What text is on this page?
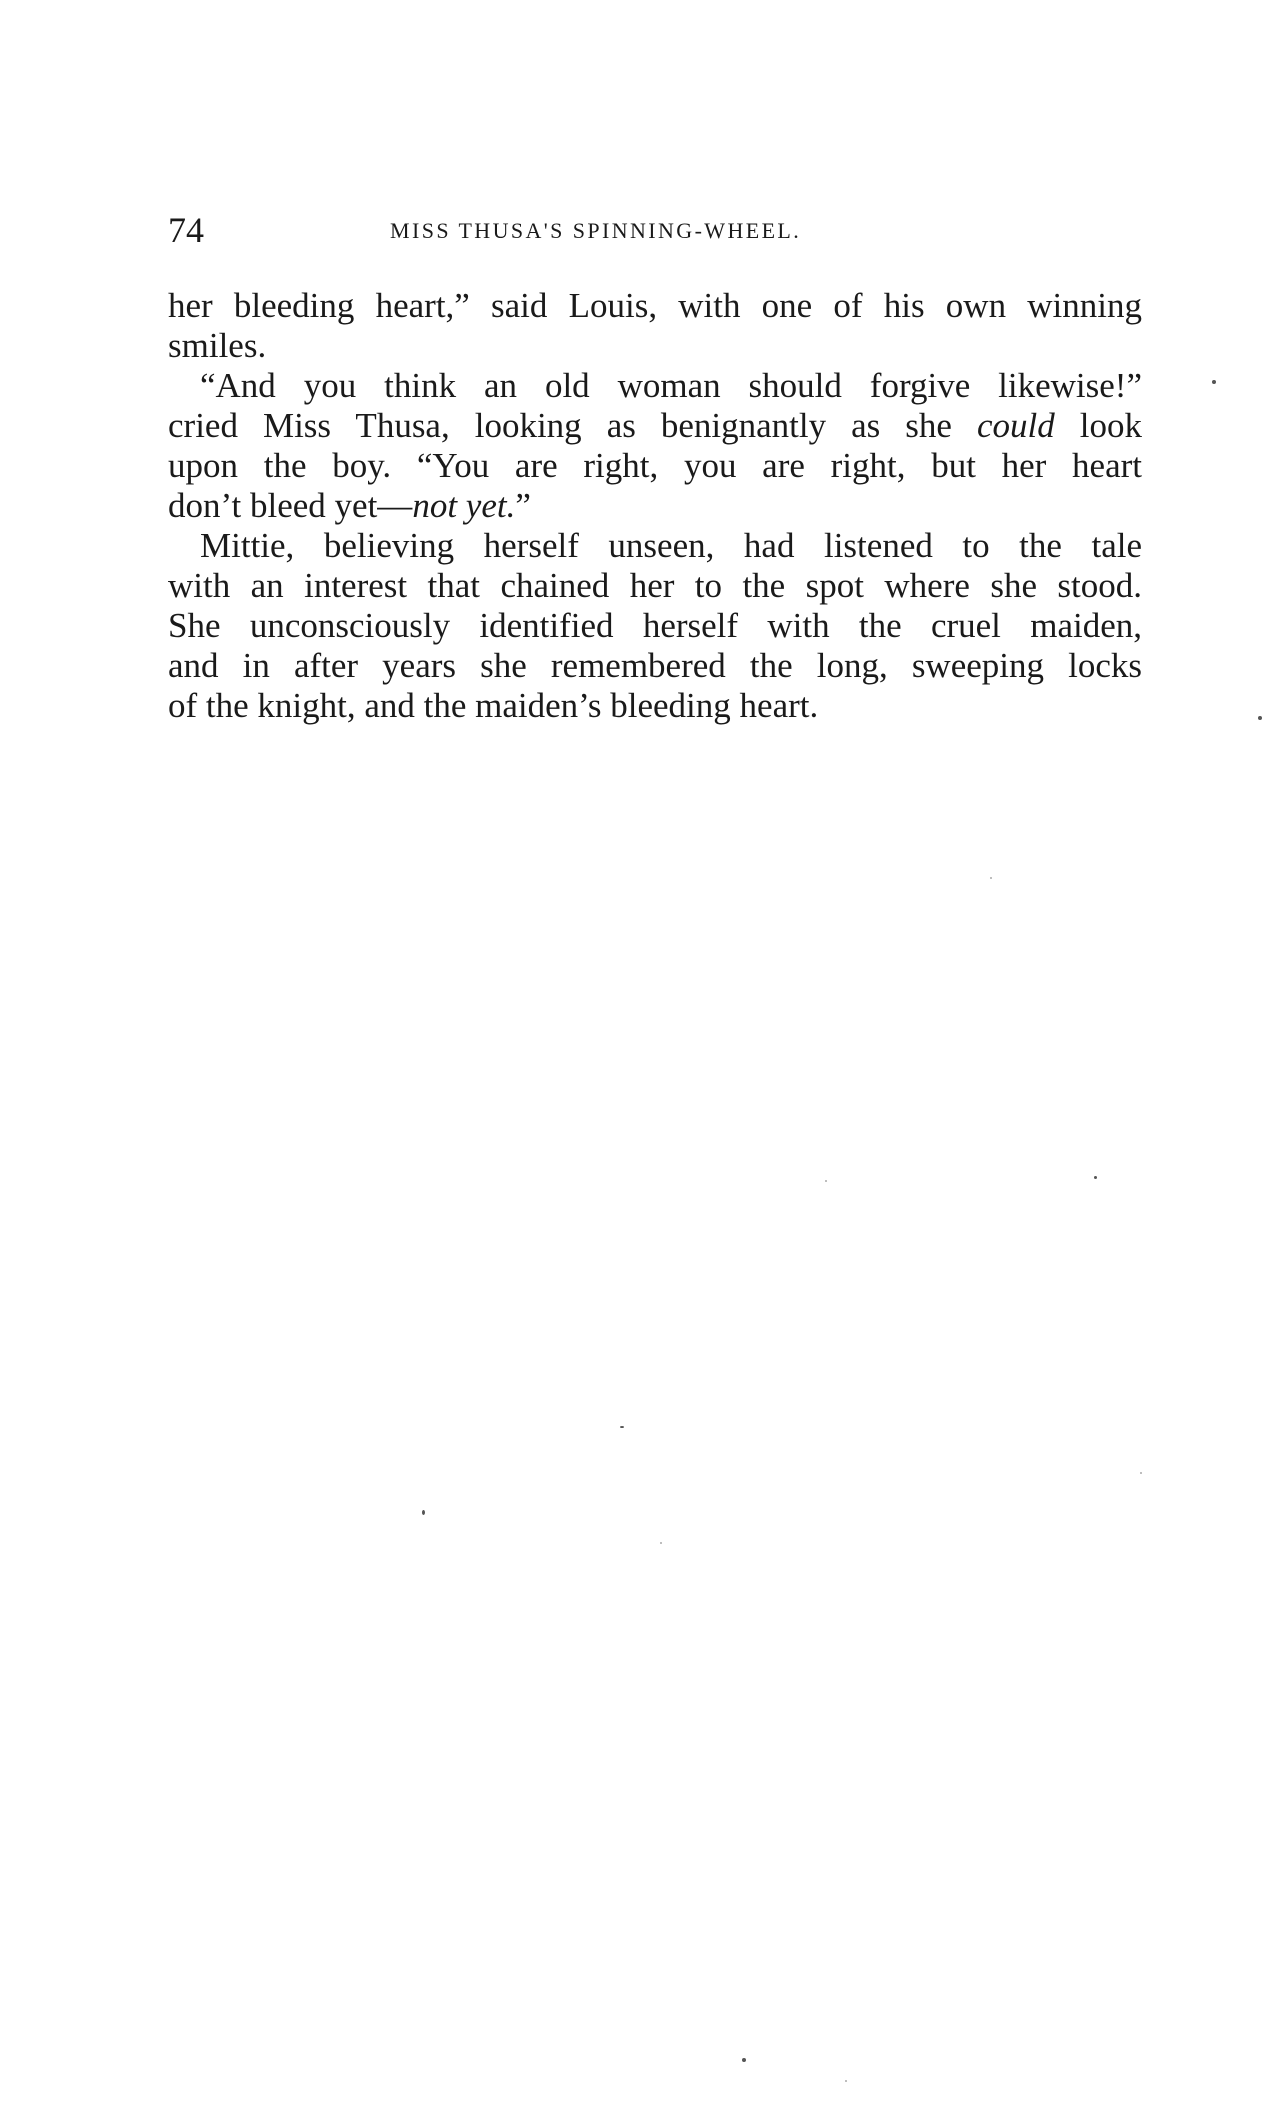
74	MISS THUSA'S SPINNING-WHEEL.
her bleeding heart,” said Louis, with one of his own winning
smiles.
“And you think an old woman should forgive likewise!”
cried Miss Thusa, looking as benignantly as she could look
upon the boy. “You are right, you are right, but her heart
don’t bleed yet—not yet.”
Mittie, believing herself unseen, had listened to the tale
with an interest that chained her to the spot where she stood.
She unconsciously identified herself with the cruel maiden,
and in after years she remembered the long, sweeping locks
of the knight, and the maiden’s bleeding heart.
